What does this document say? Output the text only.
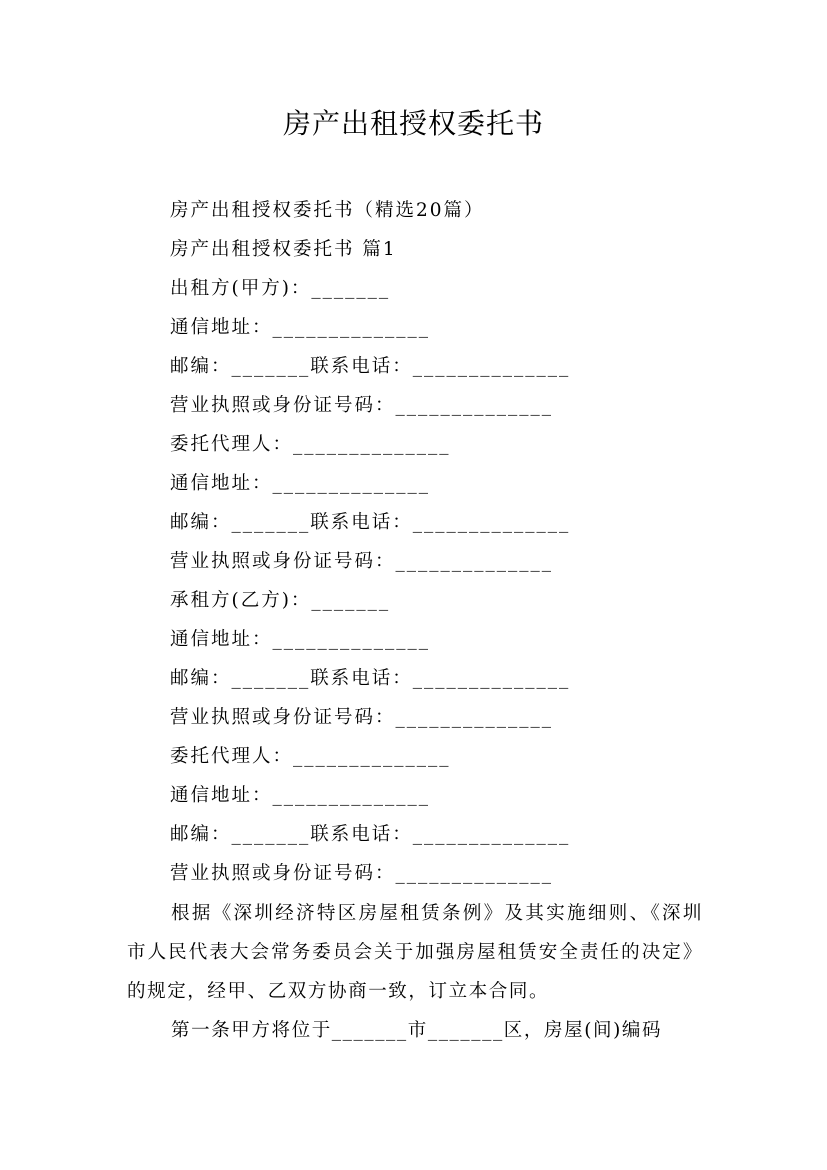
房产出租授权委托书
房产出租授权委托书（精选20篇）
房产出租授权委托书 篇1
出租方(甲方)：_______
通信地址：______________
邮编：_______联系电话：______________
营业执照或身份证号码：______________
委托代理人：______________
通信地址：______________
邮编：_______联系电话：______________
营业执照或身份证号码：______________
承租方(乙方)：_______
通信地址：______________
邮编：_______联系电话：______________
营业执照或身份证号码：______________
委托代理人：______________
通信地址：______________
邮编：_______联系电话：______________
营业执照或身份证号码：______________
根据《深圳经济特区房屋租赁条例》及其实施细则、《深圳市人民代表大会常务委员会关于加强房屋租赁安全责任的决定》的规定，经甲、乙双方协商一致，订立本合同。
第一条甲方将位于_______市_______区，房屋(间)编码
